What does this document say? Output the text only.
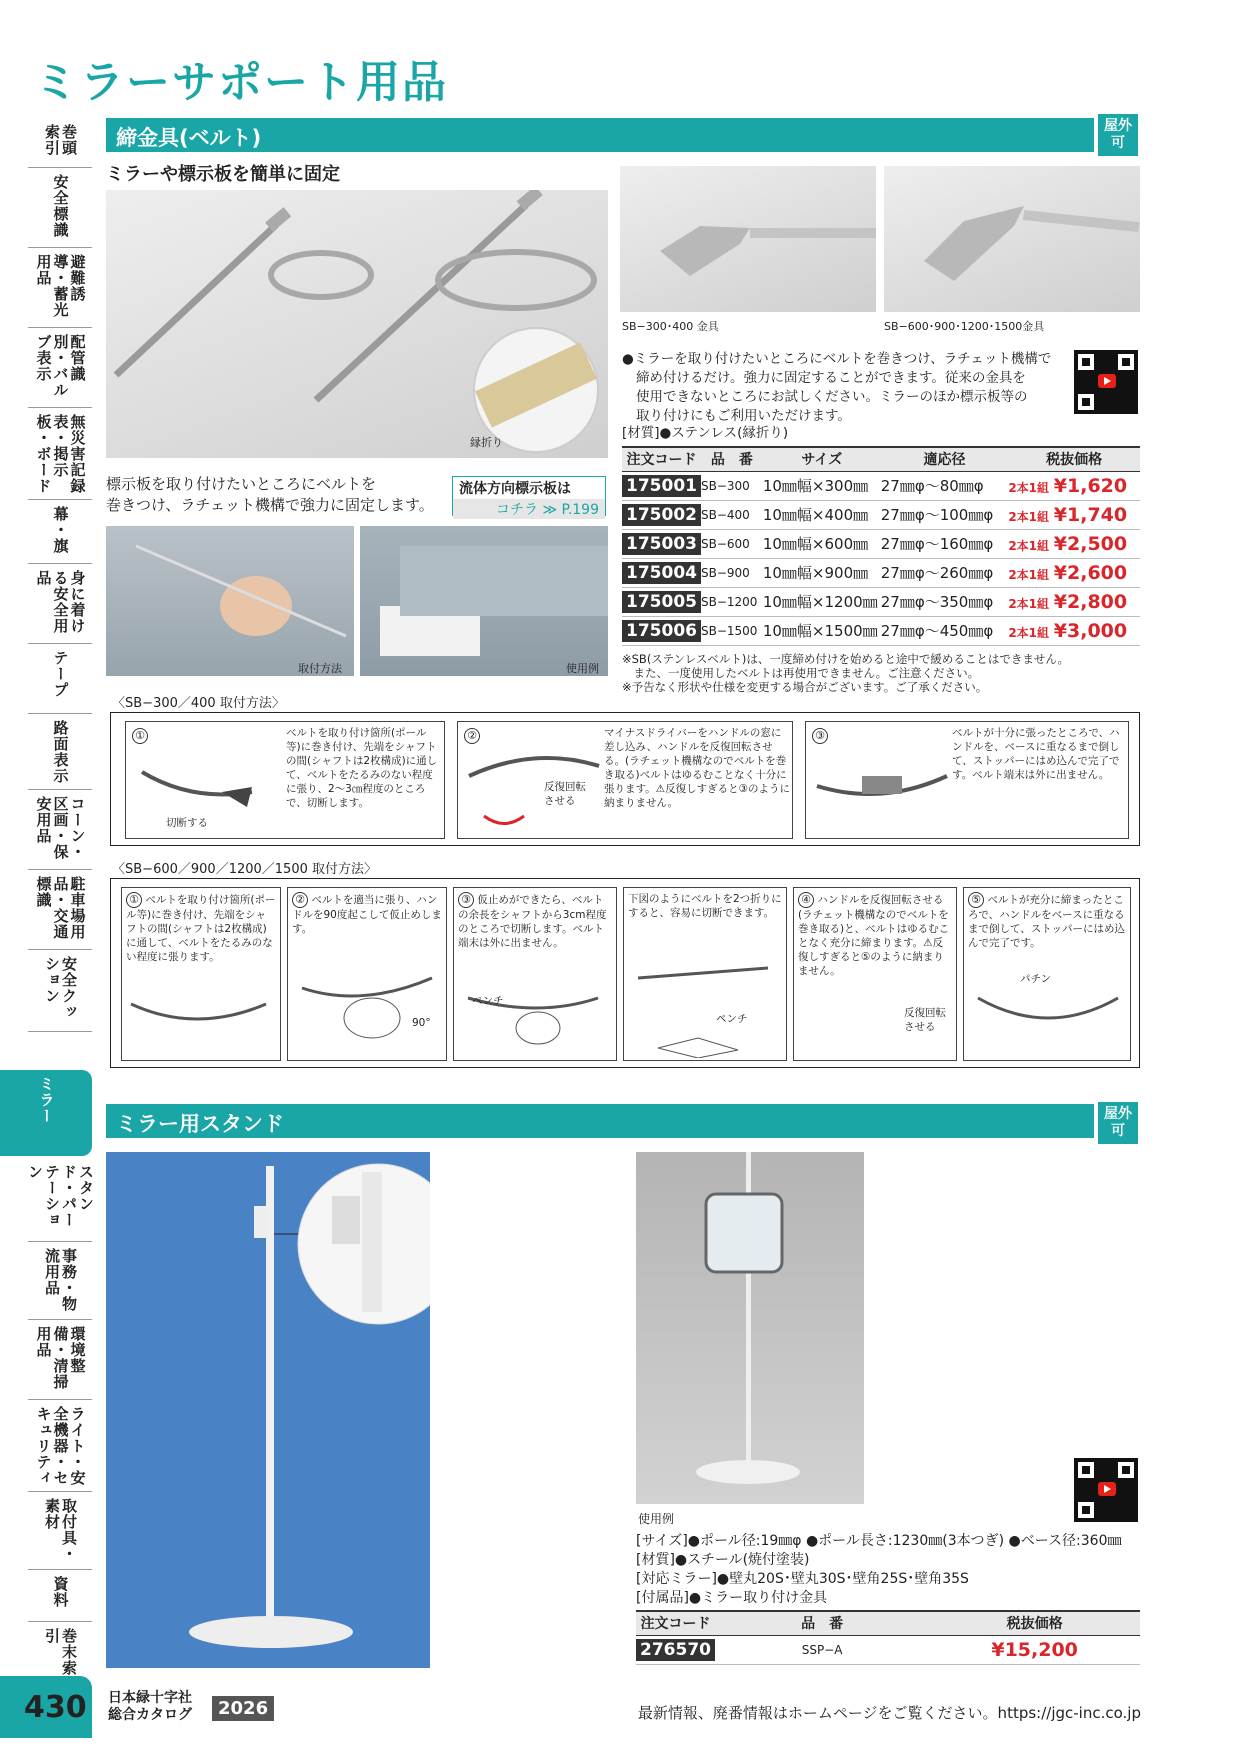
ミラーサポート用品
巻頭索引
安全標識
避難誘導・蓄光用品
配管識別・バルブ表示
無災害記録表・掲示板・ボード
幕・旗
身に着ける安全用品
テープ
路面表示
コーン・区画・保安用品
駐車場用品・交通標識
安全クッション
ミラー
スタンド・パーテーション
事務・物流用品
環境整備・清掃用品
ライト・安全機器・セキュリティ
取付具・素材
資料
巻末索引
締金具(ベルト)	屋外可
ミラーや標示板を簡単に固定
縁折り
SB−300･400 金具	SB−600･900･1200･1500金具
●ミラーを取り付けたいところにベルトを巻きつけ、ラチェット機構で
締め付けるだけ。強力に固定することができます。従来の金具を
使用できないところにお試しください。ミラーのほか標示板等の
取り付けにもご利用いただけます。
[材質]●ステンレス(縁折り)
注文コード	品　番	サイズ	適応径	税抜価格
175001	SB−300	10㎜幅×300㎜	27㎜φ〜80㎜φ	2本1組 ¥1,620
175002	SB−400	10㎜幅×400㎜	27㎜φ〜100㎜φ	2本1組 ¥1,740
175003	SB−600	10㎜幅×600㎜	27㎜φ〜160㎜φ	2本1組 ¥2,500
175004	SB−900	10㎜幅×900㎜	27㎜φ〜260㎜φ	2本1組 ¥2,600
175005	SB−1200	10㎜幅×1200㎜	27㎜φ〜350㎜φ	2本1組 ¥2,800
175006	SB−1500	10㎜幅×1500㎜	27㎜φ〜450㎜φ	2本1組 ¥3,000
※SB(ステンレスベルト)は、一度締め付けを始めると途中で緩めることはできません。
　また、一度使用したベルトは再使用できません。ご注意ください。
※予告なく形状や仕様を変更する場合がございます。ご了承ください。
標示板を取り付けたいところにベルトを
巻きつけ、ラチェット機構で強力に固定します。
流体方向標示板は
コチラ ≫ P.199
取付方法	使用例
〈SB−300／400 取付方法〉
①	ベルトを取り付け箇所(ポール等)に巻き付け、先端をシャフトの間(シャフトは2枚構成)に通して、ベルトをたるみのない程度に張り、2〜3㎝程度のところで、切断します。
切断する
②	マイナスドライバーをハンドルの窓に差し込み、ハンドルを反復回転させる。(ラチェット機構なのでベルトを巻き取る)ベルトはゆるむことなく十分に張ります。⚠反復しすぎると③のように納まりません。
反復回転させる
③	ベルトが十分に張ったところで、ハンドルを、ベースに重なるまで倒して、ストッパーにはめ込んで完了です。ベルト端末は外に出ません。
〈SB−600／900／1200／1500 取付方法〉
① ベルトを取り付け箇所(ポール等)に巻き付け、先端をシャフトの間(シャフトは2枚構成)に通して、ベルトをたるみのない程度に張ります。
② ベルトを適当に張り、ハンドルを90度起こして仮止めします。
90°
③ 仮止めができたら、ベルトの余長をシャフトから3cm程度のところで切断します。ベルト端末は外に出ません。
ペンチ
下図のようにベルトを2つ折りにすると、容易に切断できます。
ペンチ
④ ハンドルを反復回転させる(ラチェット機構なのでベルトを巻き取る)と、ベルトはゆるむことなく充分に締まります。⚠反復しすぎると⑤のように納まりません。
反復回転させる
⑤ ベルトが充分に締まったところで、ハンドルをベースに重なるまで倒して、ストッパーにはめ込んで完了です。
パチン
ミラー用スタンド	屋外可
使用例
[サイズ]●ポール径:19㎜φ ●ポール長さ:1230㎜(3本つぎ) ●ベース径:360㎜
[材質]●スチール(焼付塗装)
[対応ミラー]●壁丸20S･壁丸30S･壁角25S･壁角35S
[付属品]●ミラー取り付け金具
注文コード	品　番	税抜価格
276570	SSP−A	¥15,200
430 日本緑十字社
総合カタログ	2026	最新情報、廃番情報はホームページをご覧ください。https://jgc-inc.co.jp
